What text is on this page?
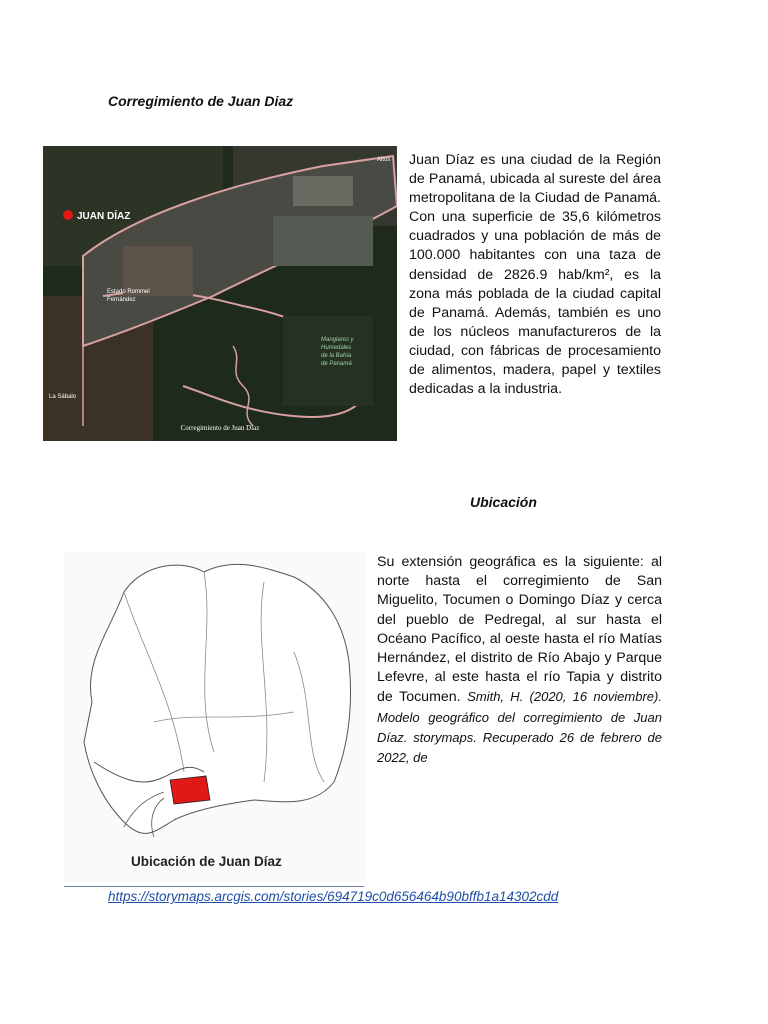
Corregimiento de Juan Diaz
JUAN DÍAZ
Estado Rommel
Fernández
La Sábalo
Altos
Manglares y
Humedales
de la Bahía
de Panamá
Corregimiento de Juan Díaz

Juan Díaz es una ciudad de la Región de Panamá, ubicada al sureste del área metropolitana de la Ciudad de Panamá. Con una superficie de 35,6 kilómetros cuadrados y una población de más de 100.000 habitantes con una taza de densidad de 2826.9 hab/km², es la zona más poblada de la ciudad capital de Panamá. Además, también es uno de los núcleos manufactureros de la ciudad, con fábricas de procesamiento de alimentos, madera, papel y textiles dedicadas a la industria.

Ubicación
Ubicación de Juan Díaz

Su extensión geográfica es la siguiente: al norte hasta el corregimiento de San Miguelito, Tocumen o Domingo Díaz y cerca del pueblo de Pedregal, al sur hasta el Océano Pacífico, al oeste hasta el río Matías Hernández, el distrito de Río Abajo y Parque Lefevre, al este hasta el río Tapia y distrito de Tocumen. Smith, H. (2020, 16 noviembre). Modelo geográfico del corregimiento de Juan Díaz. storymaps. Recuperado 26 de febrero de 2022, de

https://storymaps.arcgis.com/stories/694719c0d656464b90bffb1a14302cdd
